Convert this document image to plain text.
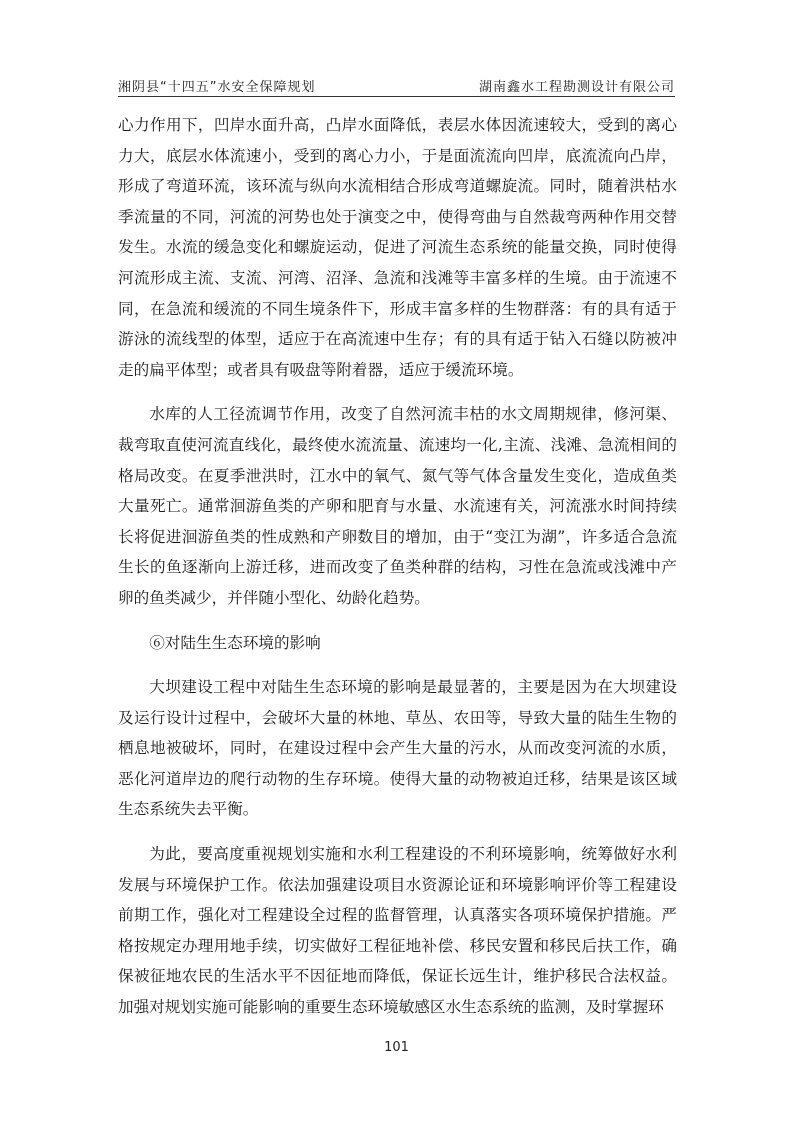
湘阴县“十四五”水安全保障规划	湖南鑫水工程勘测设计有限公司

心力作用下，凹岸水面升高，凸岸水面降低，表层水体因流速较大，受到的离心力大，底层水体流速小，受到的离心力小，于是面流流向凹岸，底流流向凸岸，形成了弯道环流，该环流与纵向水流相结合形成弯道螺旋流。同时，随着洪枯水季流量的不同，河流的河势也处于演变之中，使得弯曲与自然裁弯两种作用交替发生。水流的缓急变化和螺旋运动，促进了河流生态系统的能量交换，同时使得河流形成主流、支流、河湾、沼泽、急流和浅滩等丰富多样的生境。由于流速不同，在急流和缓流的不同生境条件下，形成丰富多样的生物群落：有的具有适于游泳的流线型的体型，适应于在高流速中生存；有的具有适于钻入石缝以防被冲走的扁平体型；或者具有吸盘等附着器，适应于缓流环境。

水库的人工径流调节作用，改变了自然河流丰枯的水文周期规律，修河渠、裁弯取直使河流直线化，最终使水流流量、流速均一化,主流、浅滩、急流相间的格局改变。在夏季泄洪时，江水中的氧气、氮气等气体含量发生变化，造成鱼类大量死亡。通常洄游鱼类的产卵和肥育与水量、水流速有关，河流涨水时间持续长将促进洄游鱼类的性成熟和产卵数目的增加，由于“变江为湖”，许多适合急流生长的鱼逐渐向上游迁移，进而改变了鱼类种群的结构，习性在急流或浅滩中产卵的鱼类减少，并伴随小型化、幼龄化趋势。

⑥对陆生生态环境的影响

大坝建设工程中对陆生生态环境的影响是最显著的，主要是因为在大坝建设及运行设计过程中，会破坏大量的林地、草丛、农田等，导致大量的陆生生物的栖息地被破坏，同时，在建设过程中会产生大量的污水，从而改变河流的水质，恶化河道岸边的爬行动物的生存环境。使得大量的动物被迫迁移，结果是该区域生态系统失去平衡。

为此，要高度重视规划实施和水利工程建设的不利环境影响，统筹做好水利发展与环境保护工作。依法加强建设项目水资源论证和环境影响评价等工程建设前期工作，强化对工程建设全过程的监督管理，认真落实各项环境保护措施。严格按规定办理用地手续，切实做好工程征地补偿、移民安置和移民后扶工作，确保被征地农民的生活水平不因征地而降低，保证长远生计，维护移民合法权益。加强对规划实施可能影响的重要生态环境敏感区水生态系统的监测，及时掌握环

101
